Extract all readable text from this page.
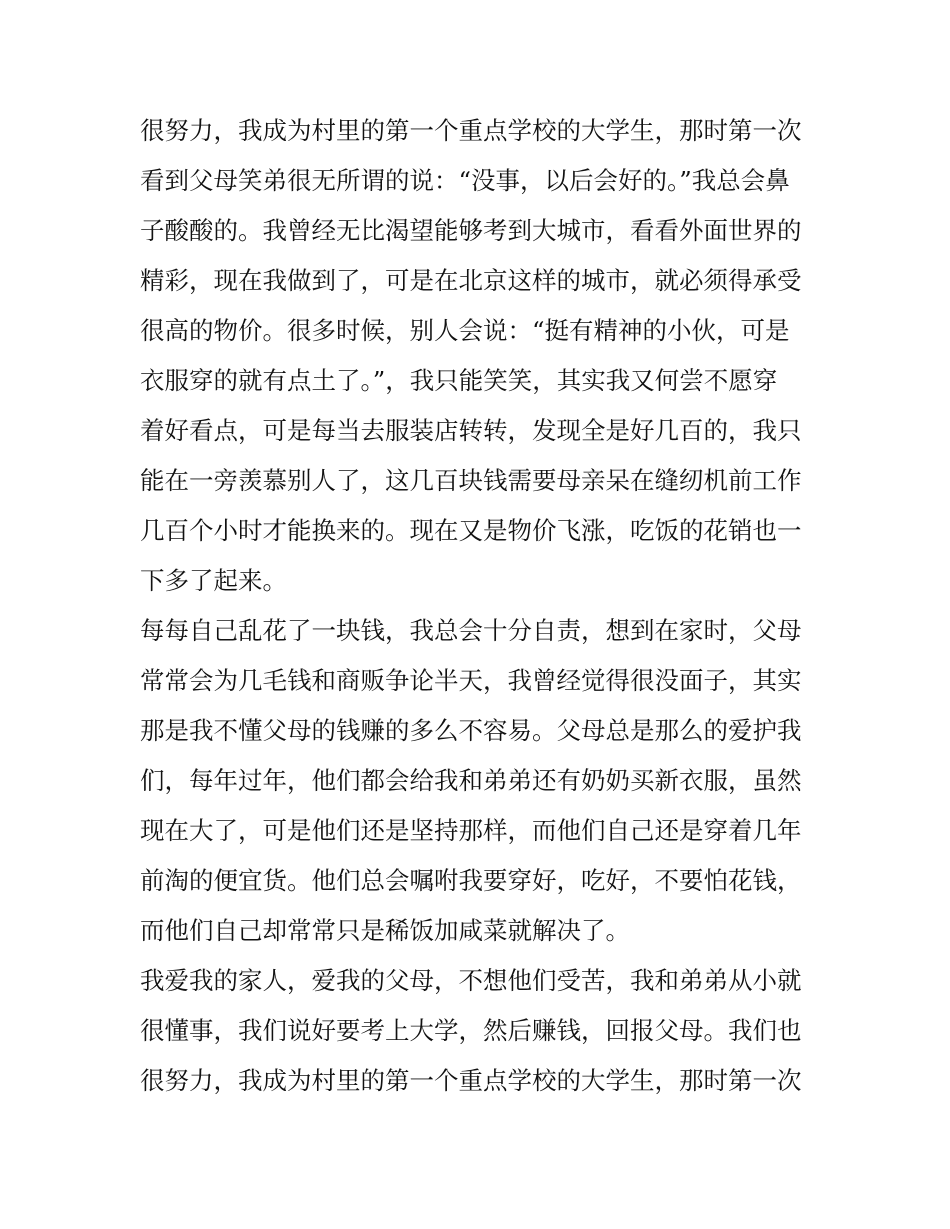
很努力，我成为村里的第一个重点学校的大学生，那时第一次
看到父母笑弟很无所谓的说：“没事，以后会好的。”我总会鼻
子酸酸的。我曾经无比渴望能够考到大城市，看看外面世界的
精彩，现在我做到了，可是在北京这样的城市，就必须得承受
很高的物价。很多时候，别人会说：“挺有精神的小伙，可是
衣服穿的就有点土了。”，我只能笑笑，其实我又何尝不愿穿
着好看点，可是每当去服装店转转，发现全是好几百的，我只
能在一旁羡慕别人了，这几百块钱需要母亲呆在缝纫机前工作
几百个小时才能换来的。现在又是物价飞涨，吃饭的花销也一
下多了起来。
每每自己乱花了一块钱，我总会十分自责，想到在家时，父母
常常会为几毛钱和商贩争论半天，我曾经觉得很没面子，其实
那是我不懂父母的钱赚的多么不容易。父母总是那么的爱护我
们，每年过年，他们都会给我和弟弟还有奶奶买新衣服，虽然
现在大了，可是他们还是坚持那样，而他们自己还是穿着几年
前淘的便宜货。他们总会嘱咐我要穿好，吃好，不要怕花钱，
而他们自己却常常只是稀饭加咸菜就解决了。
我爱我的家人，爱我的父母，不想他们受苦，我和弟弟从小就
很懂事，我们说好要考上大学，然后赚钱，回报父母。我们也
很努力，我成为村里的第一个重点学校的大学生，那时第一次
